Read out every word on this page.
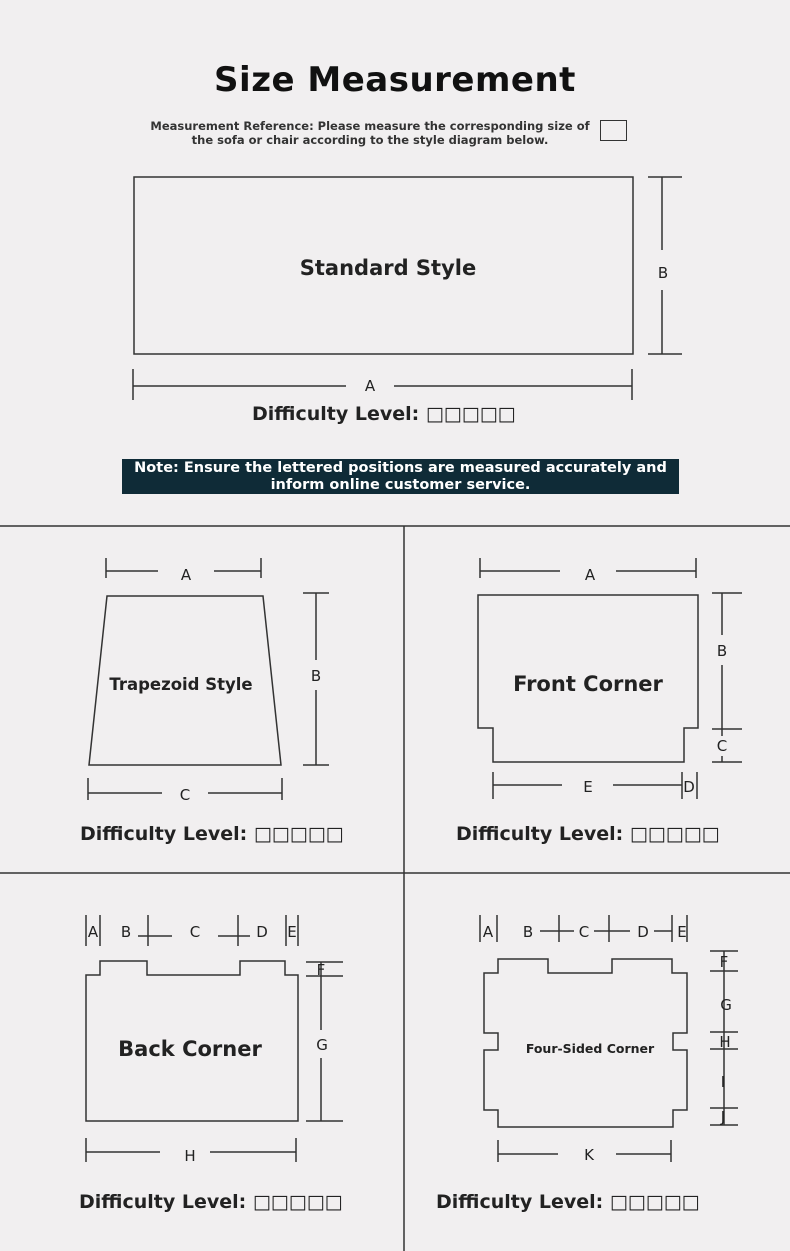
Size Measurement
Measurement Reference: Please measure the corresponding size of the sofa or chair according to the style diagram below.
Standard Style
A
B
Difficulty Level: □□□□□
Trapezoid Style
A
B
C
Difficulty Level: □□□□□
Front Corner
A
B
C
D
E
Difficulty Level: □□□□□
Back Corner
A B	C	D E
F
G
H
Difficulty Level: □□□□□
Four-Sided Corner
A B	C	D E
F
G
H
I
J
K
Difficulty Level: □□□□□
Note: Ensure the lettered positions are measured accurately and inform online customer service.
